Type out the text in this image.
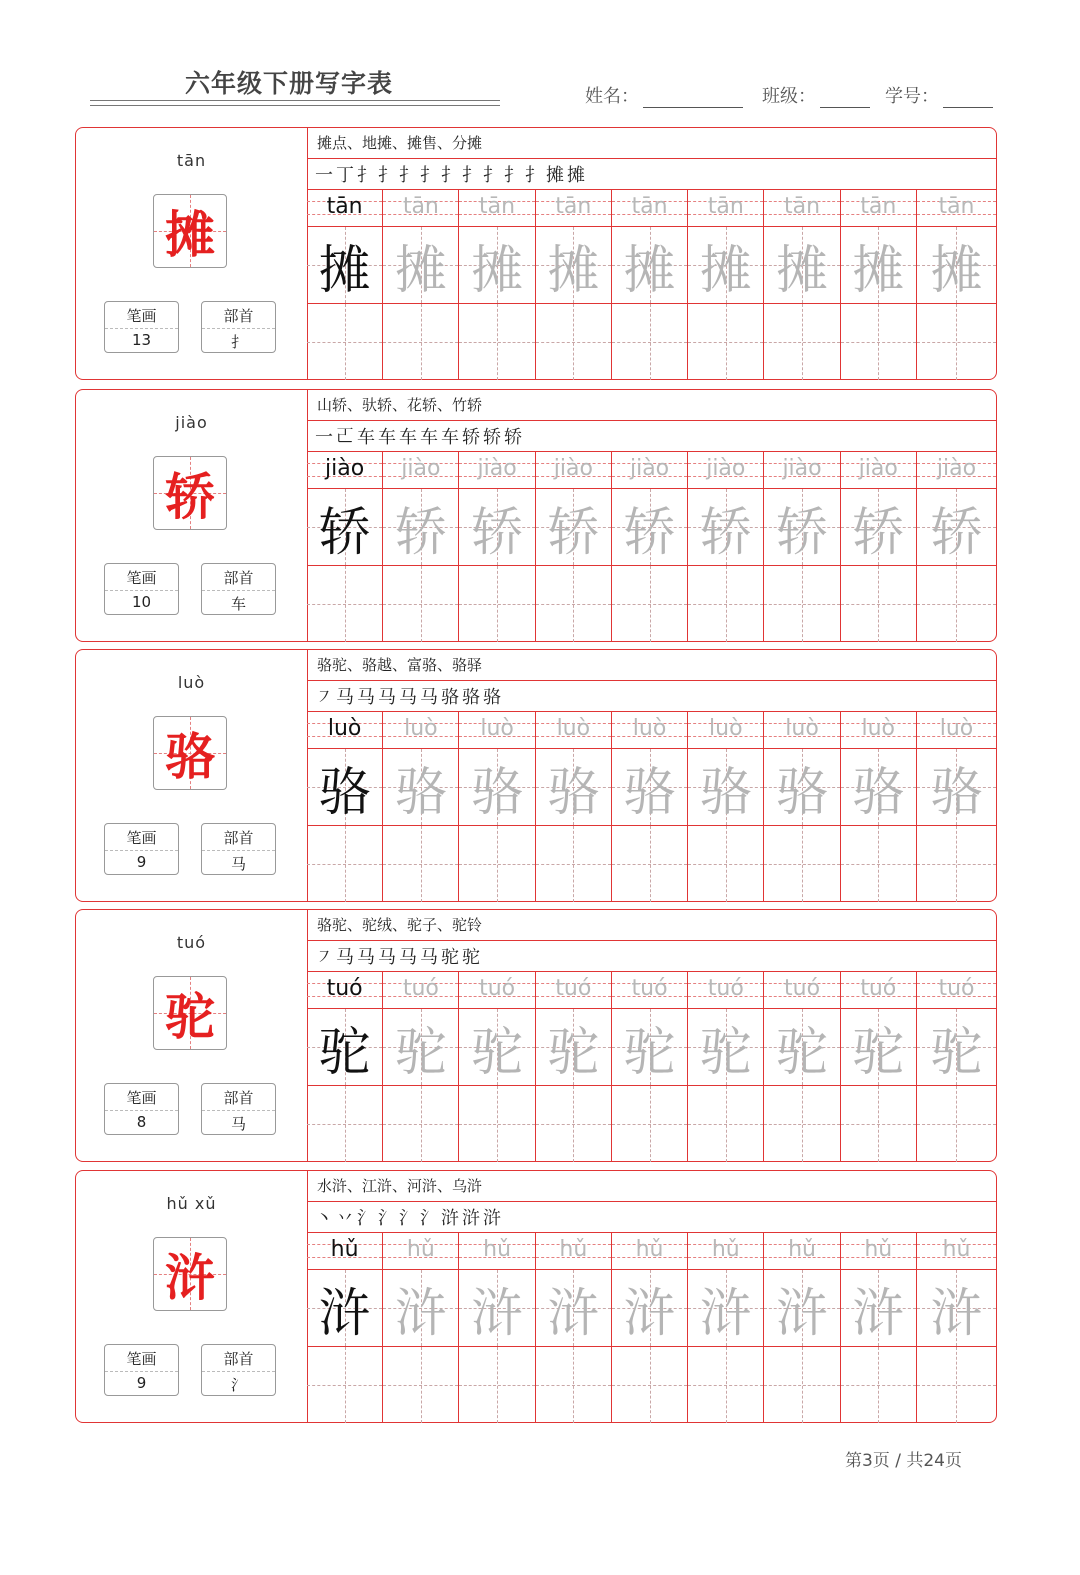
六年级下册写字表	姓名：	班级：	学号：
tān
摊
笔画
13
部首
扌
摊点、地摊、摊售、分摊
一 丁 扌 扌 扌 扌 扌 扌 扌 扌 扌 摊 摊
tān
摊
tān
摊
tān
摊
tān
摊
tān
摊
tān
摊
tān
摊
tān
摊
tān
摊
jiào
轿
笔画
10
部首
车
山轿、驮轿、花轿、竹轿
一 𠀀 车 车 车 车 车 轿 轿 轿
jiào
轿
jiào
轿
jiào
轿
jiào
轿
jiào
轿
jiào
轿
jiào
轿
jiào
轿
jiào
轿
luò
骆
笔画
9
部首
马
骆驼、骆越、富骆、骆驿
㇇ 马 马 马 马 马 骆 骆 骆
luò
骆
luò
骆
luò
骆
luò
骆
luò
骆
luò
骆
luò
骆
luò
骆
luò
骆
tuó
驼
笔画
8
部首
马
骆驼、驼绒、驼子、驼铃
㇇ 马 马 马 马 马 驼 驼
tuó
驼
tuó
驼
tuó
驼
tuó
驼
tuó
驼
tuó
驼
tuó
驼
tuó
驼
tuó
驼
hǔ xǔ
浒
笔画
9
部首
氵
水浒、江浒、河浒、乌浒
丶 丷 氵 氵 氵 氵 浒 浒 浒
hǔ
浒
hǔ
浒
hǔ
浒
hǔ
浒
hǔ
浒
hǔ
浒
hǔ
浒
hǔ
浒
hǔ
浒
第3页 / 共24页
